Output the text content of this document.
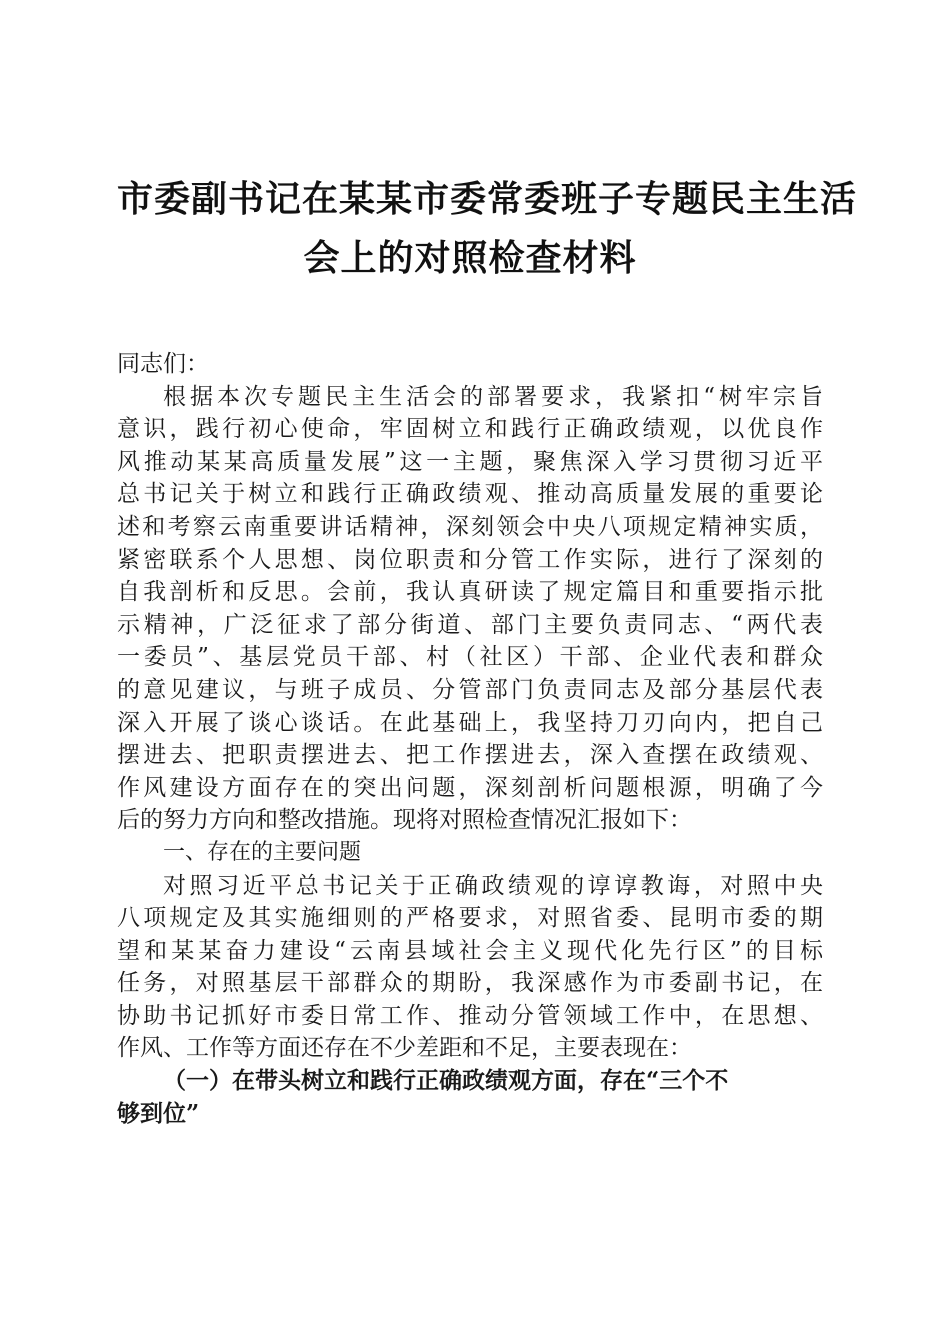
市委副书记在某某市委常委班子专题民主生活
会上的对照检查材料

同志们：

根据本次专题民主生活会的部署要求，我紧扣“树牢宗旨
意识，践行初心使命，牢固树立和践行正确政绩观，以优良作
风推动某某高质量发展”这一主题，聚焦深入学习贯彻习近平
总书记关于树立和践行正确政绩观、推动高质量发展的重要论
述和考察云南重要讲话精神，深刻领会中央八项规定精神实质，
紧密联系个人思想、岗位职责和分管工作实际，进行了深刻的
自我剖析和反思。会前，我认真研读了规定篇目和重要指示批
示精神，广泛征求了部分街道、部门主要负责同志、“两代表
一委员”、基层党员干部、村（社区）干部、企业代表和群众
的意见建议，与班子成员、分管部门负责同志及部分基层代表
深入开展了谈心谈话。在此基础上，我坚持刀刃向内，把自己
摆进去、把职责摆进去、把工作摆进去，深入查摆在政绩观、
作风建设方面存在的突出问题，深刻剖析问题根源，明确了今
后的努力方向和整改措施。现将对照检查情况汇报如下：

一、存在的主要问题

对照习近平总书记关于正确政绩观的谆谆教诲，对照中央
八项规定及其实施细则的严格要求，对照省委、昆明市委的期
望和某某奋力建设“云南县域社会主义现代化先行区”的目标
任务，对照基层干部群众的期盼，我深感作为市委副书记，在
协助书记抓好市委日常工作、推动分管领域工作中，在思想、
作风、工作等方面还存在不少差距和不足，主要表现在：

（一）在带头树立和践行正确政绩观方面，存在“三个不
够到位”
